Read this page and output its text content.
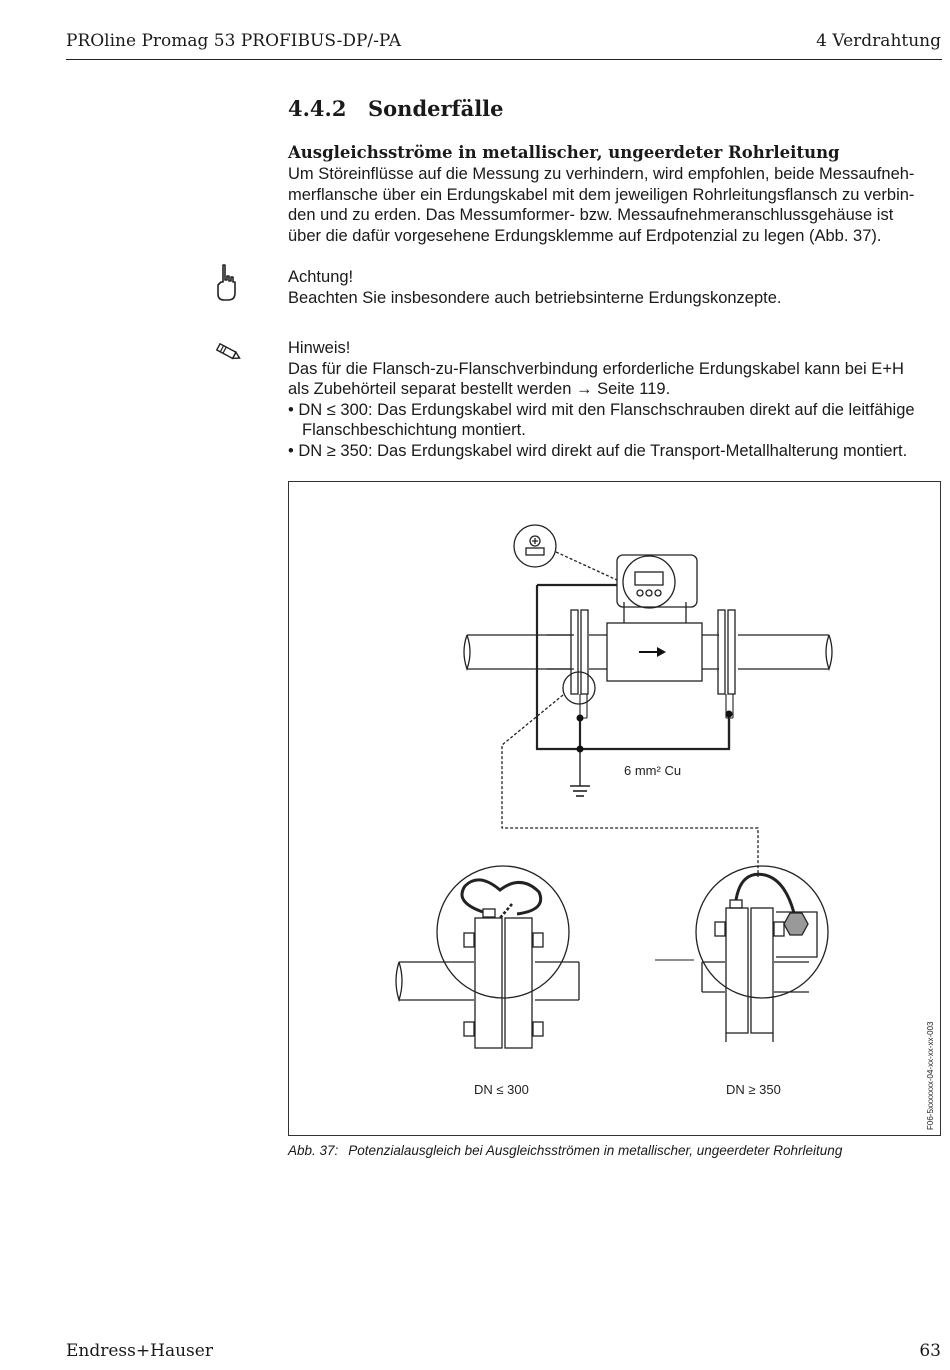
PROline Promag 53 PROFIBUS-DP/-PA	4 Verdrahtung
4.4.2 Sonderfälle
Ausgleichsströme in metallischer, ungeerdeter Rohrleitung
Um Störeinflüsse auf die Messung zu verhindern, wird empfohlen, beide Messaufneh-
merflansche über ein Erdungskabel mit dem jeweiligen Rohrleitungsflansch zu verbin-
den und zu erden. Das Messumformer- bzw. Messaufnehmeranschlussgehäuse ist
über die dafür vorgesehene Erdungsklemme auf Erdpotenzial zu legen (Abb. 37).
Achtung!
Beachten Sie insbesondere auch betriebsinterne Erdungskonzepte.
Hinweis!
Das für die Flansch-zu-Flanschverbindung erforderliche Erdungskabel kann bei E+H
als Zubehörteil separat bestellt werden → Seite 119.
• DN ≤ 300: Das Erdungskabel wird mit den Flanschschrauben direkt auf die leitfähige
Flanschbeschichtung montiert.
• DN ≥ 350: Das Erdungskabel wird direkt auf die Transport-Metallhalterung montiert.
6 mm² Cu
DN ≤ 300	DN ≥ 350	F06-5xxxxxxx-04-xx-xx-xx-003
Abb. 37: Potenzialausgleich bei Ausgleichsströmen in metallischer, ungeerdeter Rohrleitung
Endress+Hauser	63
